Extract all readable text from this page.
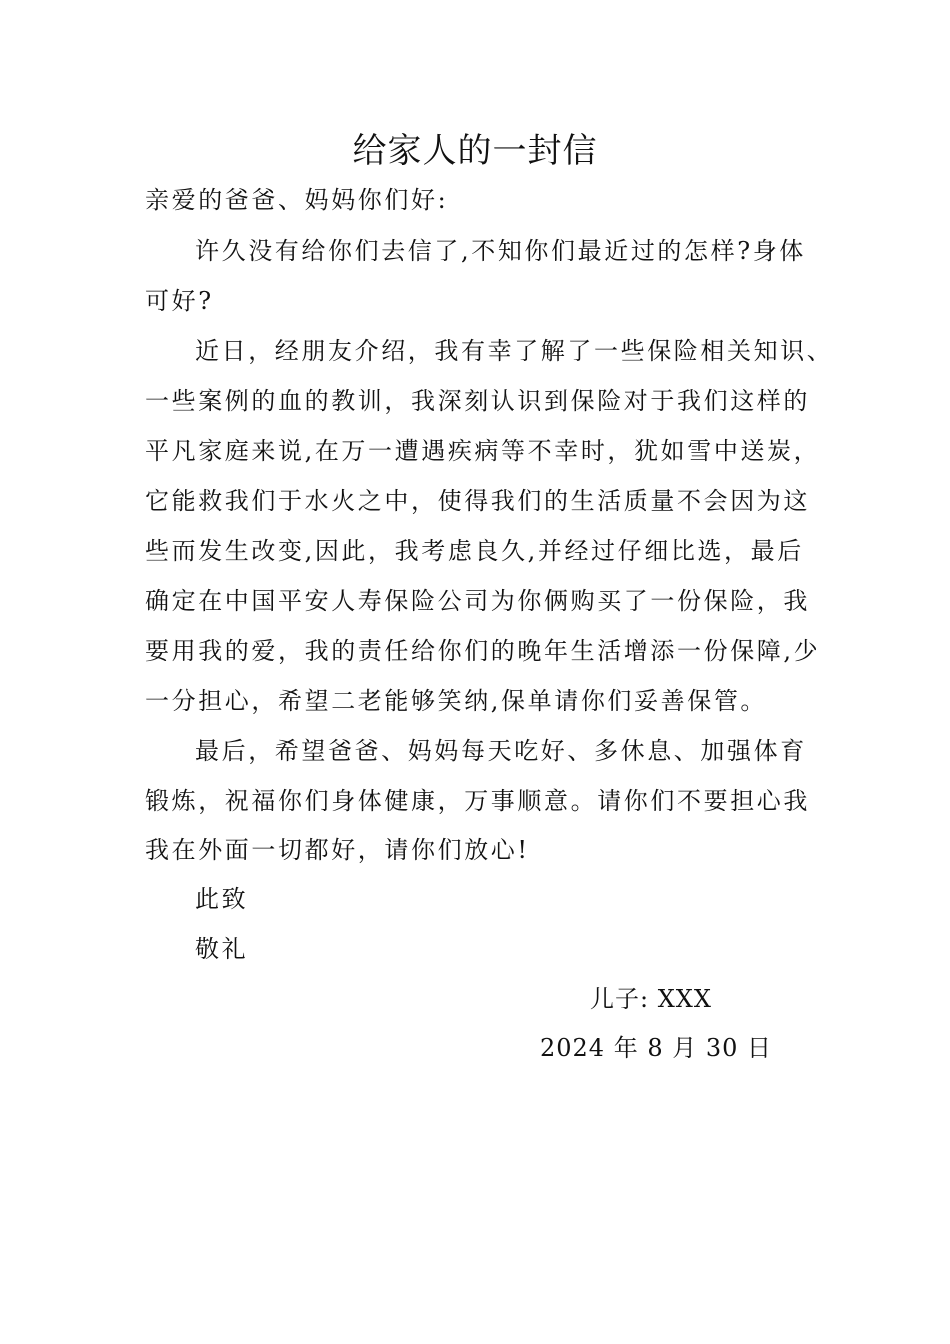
给家人的一封信
亲爱的爸爸、妈妈你们好:
许久没有给你们去信了,不知你们最近过的怎样?身体
可好?
近日，经朋友介绍，我有幸了解了一些保险相关知识、
一些案例的血的教训，我深刻认识到保险对于我们这样的
平凡家庭来说,在万一遭遇疾病等不幸时，犹如雪中送炭，
它能救我们于水火之中，使得我们的生活质量不会因为这
些而发生改变,因此，我考虑良久,并经过仔细比选，最后
确定在中国平安人寿保险公司为你俩购买了一份保险，我
要用我的爱，我的责任给你们的晚年生活增添一份保障,少
一分担心，希望二老能够笑纳,保单请你们妥善保管。
最后，希望爸爸、妈妈每天吃好、多休息、加强体育
锻炼，祝福你们身体健康，万事顺意。请你们不要担心我
我在外面一切都好，请你们放心!
此致
敬礼
儿子: XXX
2024 年 8 月 30 日
